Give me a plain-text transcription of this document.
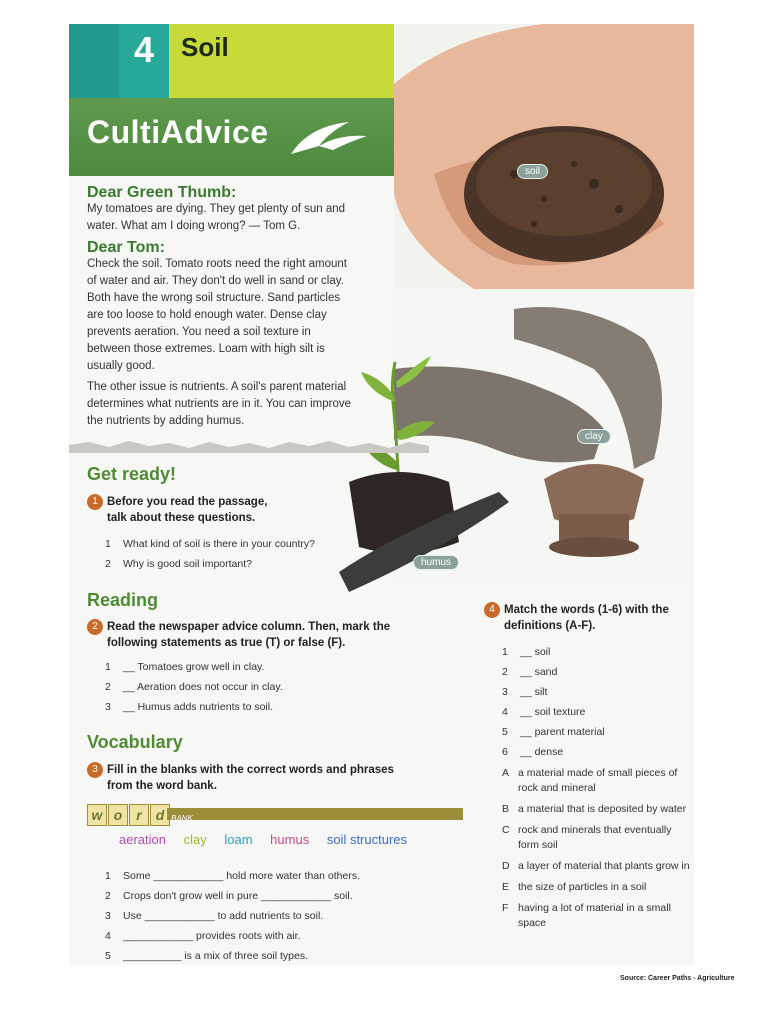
4	Soil
CultiAdvice
soil
clay
humus
Dear Green Thumb:

My tomatoes are dying. They get plenty of sun and water. What am I doing wrong? — Tom G.

Dear Tom:

Check the soil. Tomato roots need the right amount of water and air. They don't do well in sand or clay. Both have the wrong soil structure. Sand particles are too loose to hold enough water. Dense clay prevents aeration. You need a soil texture in between those extremes. Loam with high silt is usually good.

The other issue is nutrients. A soil's parent material determines what nutrients are in it. You can improve the nutrients by adding humus.

Get ready!
1 Before you read the passage,
talk about these questions.
1 What kind of soil is there in your country?
2 Why is good soil important?
Reading
2 Read the newspaper advice column. Then, mark the
following statements as true (T) or false (F).
1 __ Tomatoes grow well in clay.
2 __ Aeration does not occur in clay.
3 __ Humus adds nutrients to soil.
Vocabulary
3 Fill in the blanks with the correct words and phrases
from the word bank.
w o r d BANK
aeration clay loam humus soil structures
1 Some ____________ hold more water than others.
2 Crops don't grow well in pure ____________ soil.
3 Use ____________ to add nutrients to soil.
4 ____________ provides roots with air.
5 __________ is a mix of three soil types.
4 Match the words (1-6) with the
definitions (A-F).
1 __ soil
2 __ sand
3 __ silt
4 __ soil texture
5 __ parent material
6 __ dense
A a material made of small pieces of rock and mineral
B a material that is deposited by water
C rock and minerals that eventually form soil
D a layer of material that plants grow in
E the size of particles in a soil
F having a lot of material in a small space
Source: Career Paths - Agriculture
